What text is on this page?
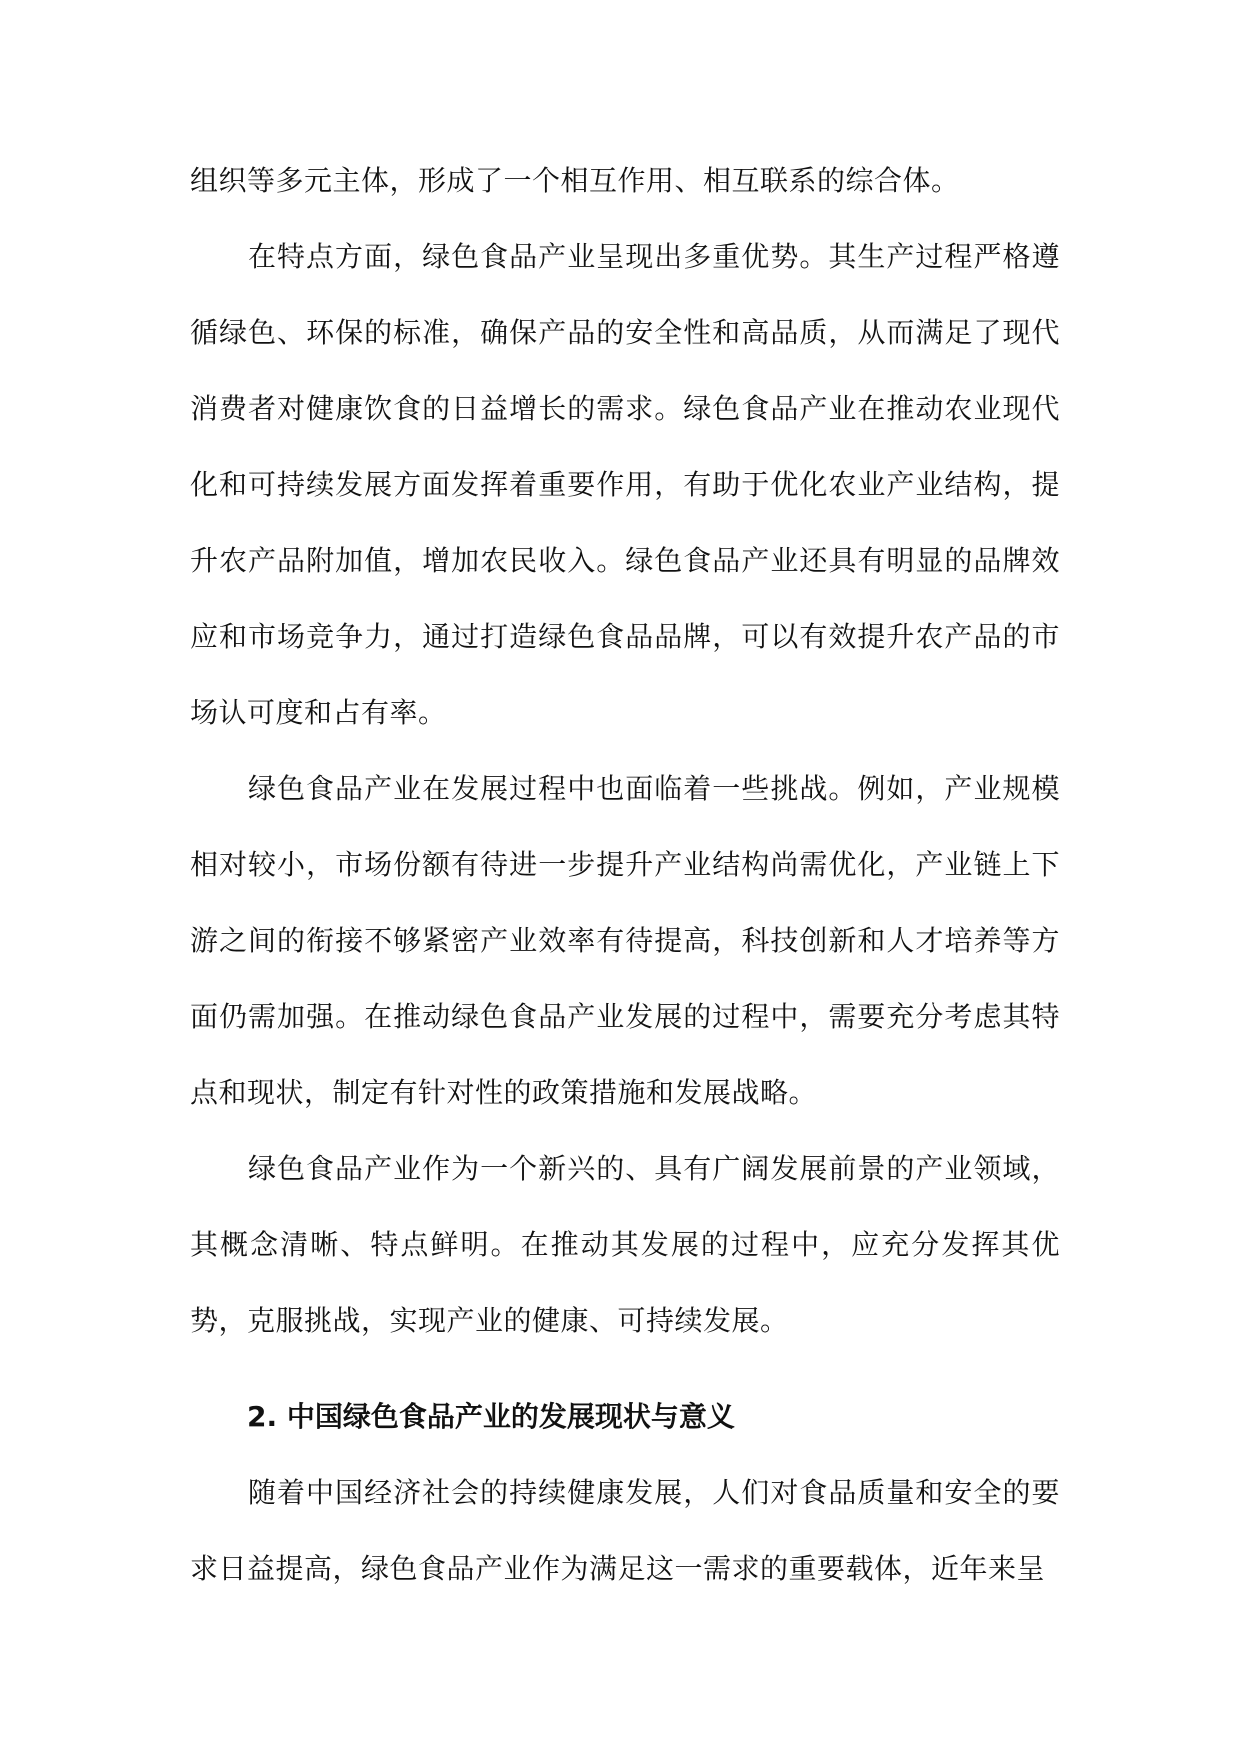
组织等多元主体，形成了一个相互作用、相互联系的综合体。

在特点方面，绿色食品产业呈现出多重优势。其生产过程严格遵循绿色、环保的标准，确保产品的安全性和高品质，从而满足了现代消费者对健康饮食的日益增长的需求。绿色食品产业在推动农业现代化和可持续发展方面发挥着重要作用，有助于优化农业产业结构，提升农产品附加值，增加农民收入。绿色食品产业还具有明显的品牌效应和市场竞争力，通过打造绿色食品品牌，可以有效提升农产品的市场认可度和占有率。

绿色食品产业在发展过程中也面临着一些挑战。例如，产业规模相对较小，市场份额有待进一步提升产业结构尚需优化，产业链上下游之间的衔接不够紧密产业效率有待提高，科技创新和人才培养等方面仍需加强。在推动绿色食品产业发展的过程中，需要充分考虑其特点和现状，制定有针对性的政策措施和发展战略。

绿色食品产业作为一个新兴的、具有广阔发展前景的产业领域，其概念清晰、特点鲜明。在推动其发展的过程中，应充分发挥其优势，克服挑战，实现产业的健康、可持续发展。

2. 中国绿色食品产业的发展现状与意义

随着中国经济社会的持续健康发展，人们对食品质量和安全的要求日益提高，绿色食品产业作为满足这一需求的重要载体，近年来呈
